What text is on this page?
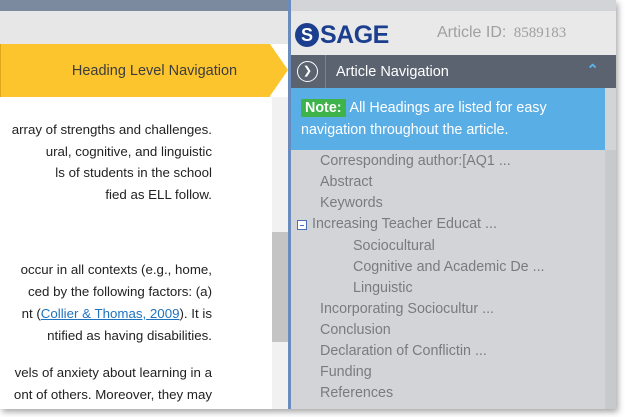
Heading Level Navigation
array of strengths and challenges.
ural, cognitive, and linguistic
ls of students in the school
fied as ELL follow.
occur in all contexts (e.g., home,
ced by the following factors: (a)
nt (Collier & Thomas, 2009). It is
ntified as having disabilities.
vels of anxiety about learning in a
ont of others. Moreover, they may
S SAGE	Article ID: 8589183
❯	Article Navigation	⌃
Note: All Headings are listed for easy
navigation throughout the article.
Corresponding author:[AQ1 ...
Abstract
Keywords
Increasing Teacher Educat ...
Sociocultural
Cognitive and Academic De ...
Linguistic
Incorporating Sociocultur ...
Conclusion
Declaration of Conflictin ...
Funding
References
